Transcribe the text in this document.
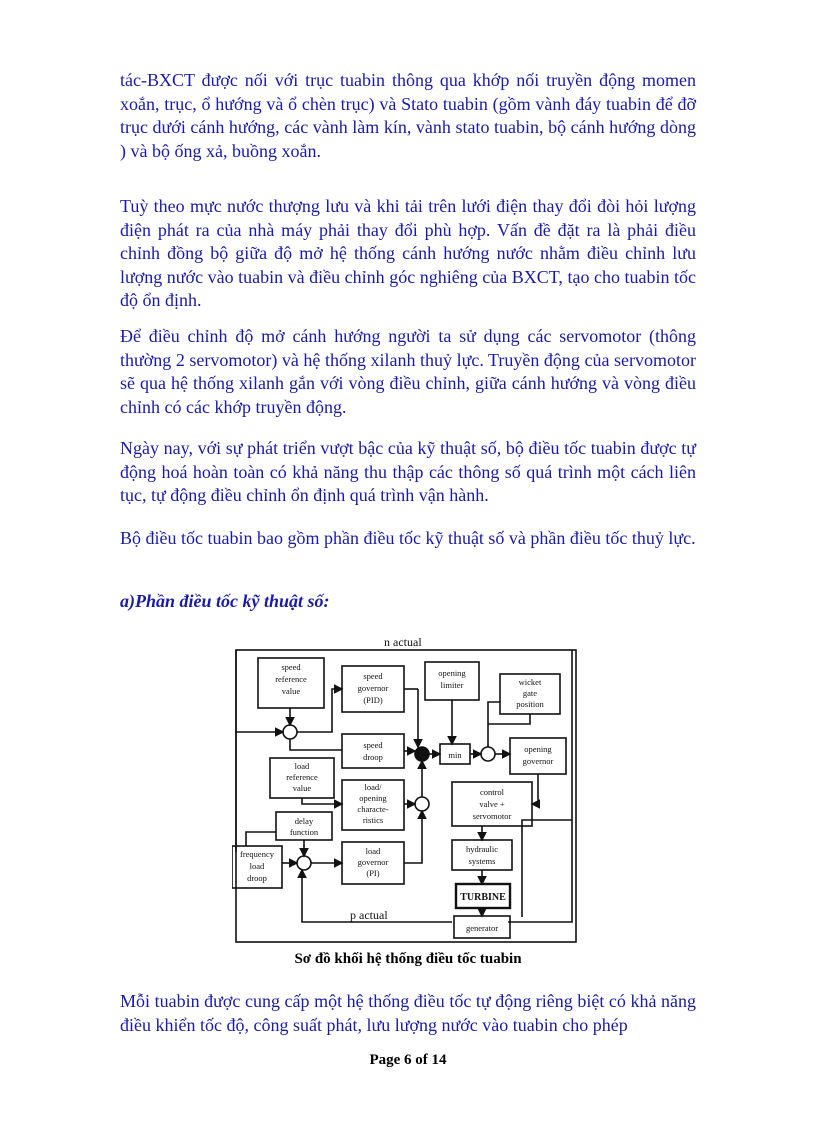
tác-BXCT được nối với trục tuabin thông qua khớp nối truyền động momen xoắn, trục, ổ hướng và ổ chèn trục) và Stato tuabin (gồm vành đáy tuabin để đỡ trục dưới cánh hướng, các vành làm kín, vành stato tuabin, bộ cánh hướng dòng ) và bộ ống xả, buồng xoắn.

Tuỳ theo mực nước thượng lưu và khi tải trên lưới điện thay đổi đòi hỏi lượng điện phát ra của nhà máy phải thay đổi phù hợp. Vấn đề đặt ra là phải điều chỉnh đồng bộ giữa độ mở hệ thống cánh hướng nước nhằm điều chỉnh lưu lượng nước vào tuabin và điều chỉnh góc nghiêng của BXCT, tạo cho tuabin tốc độ ổn định.

Để điều chỉnh độ mở cánh hướng người ta sử dụng các servomotor (thông thường 2 servomotor) và hệ thống xilanh thuỷ lực. Truyền động của servomotor sẽ qua hệ thống xilanh gắn với vòng điều chỉnh, giữa cánh hướng và vòng điều chỉnh có các khớp truyền động.

Ngày nay, với sự phát triển vượt bậc của kỹ thuật số, bộ điều tốc tuabin được tự động hoá hoàn toàn có khả năng thu thập các thông số quá trình một cách liên tục, tự động điều chỉnh ổn định quá trình vận hành.

Bộ điều tốc tuabin bao gồm phần điều tốc kỹ thuật số và phần điều tốc thuỷ lực.

a)Phần điều tốc kỹ thuật số:

n actual
p actual
speed
reference
value
speed
governor
(PID)
opening
limiter	wicket
gate
position
speed
droop	min
opening
governor
load
reference
value	load/
opening
characte-
ristics
control
valve +
servomotor
delay
function
frequency
load
droop
load
governor
(PI)
hydraulic
systems
TURBINE
generator
Sơ đồ khối hệ thống điều tốc tuabin

Mỗi tuabin được cung cấp một hệ thống điều tốc tự động riêng biệt có khả năng điều khiển tốc độ, công suất phát, lưu lượng nước vào tuabin cho phép

Page 6 of 14
